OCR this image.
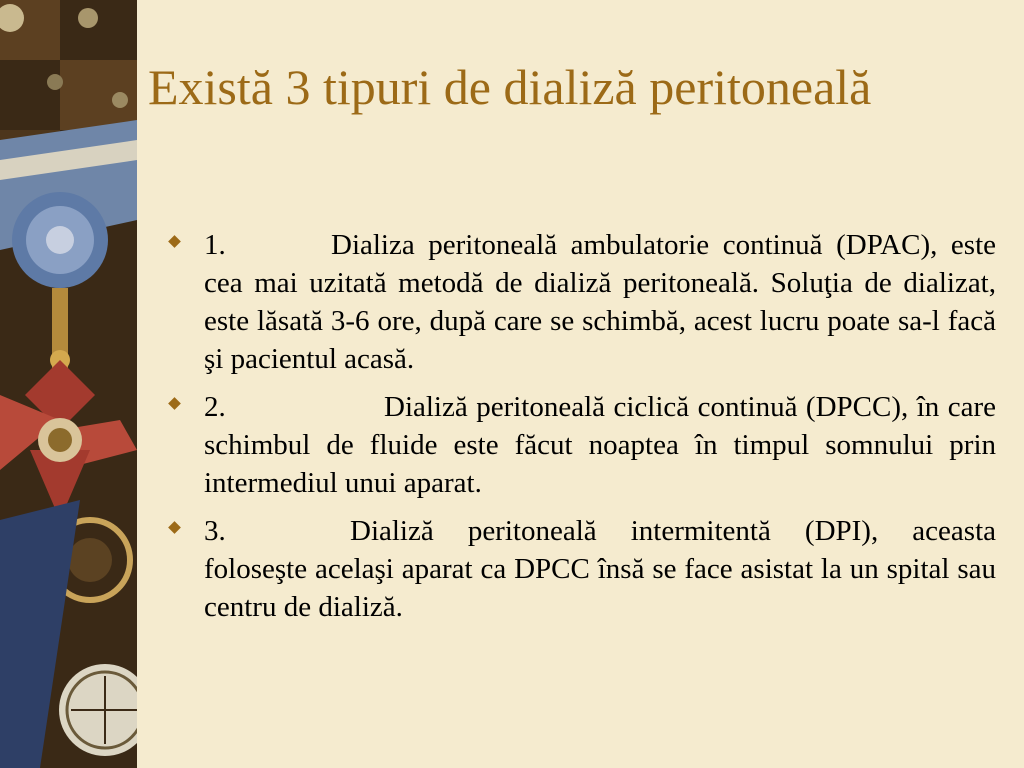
Există 3 tipuri de dializă peritoneală
1.	Dializa peritoneală ambulatorie continuă (DPAC), este cea mai uzitată metodă de dializă peritoneală. Soluţia de dializat, este lăsată 3-6 ore, după care se schimbă, acest lucru poate sa-l facă şi pacientul acasă.
2.	Dializă peritoneală ciclică continuă (DPCC), în care schimbul de fluide este făcut noaptea în timpul somnului prin intermediul unui aparat.
3.	Dializă peritoneală intermitentă (DPI), aceasta foloseşte acelaşi aparat ca DPCC însă se face asistat la un spital sau centru de dializă.
